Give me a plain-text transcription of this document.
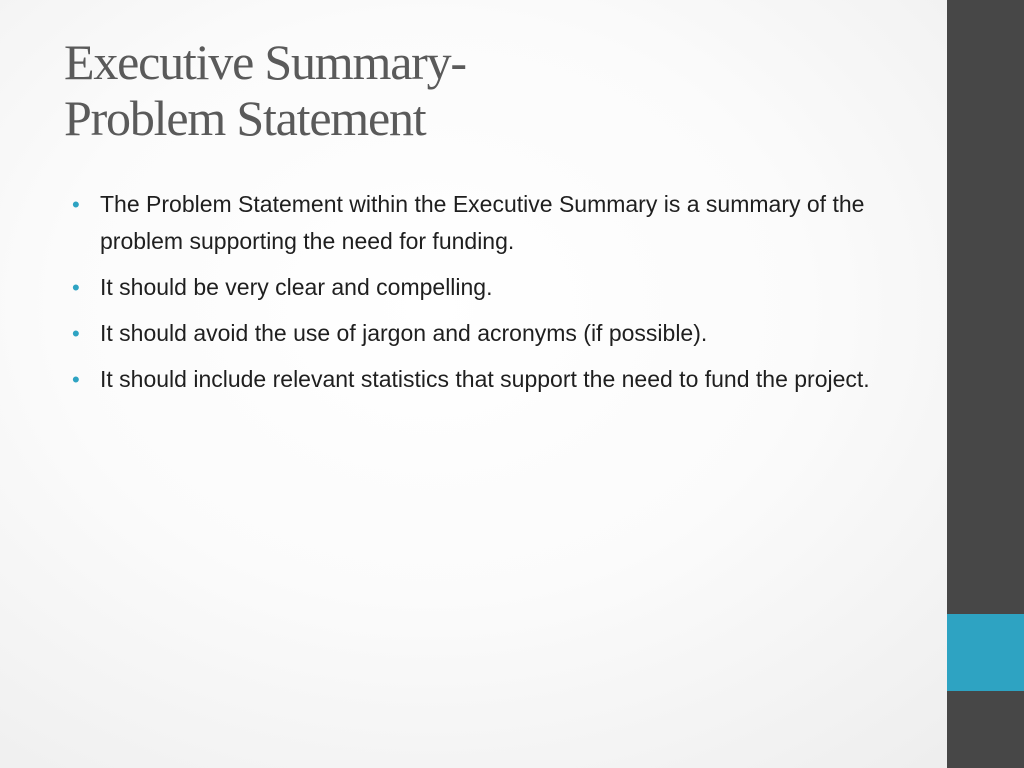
Executive Summary-
Problem Statement
• The Problem Statement within the Executive Summary is a summary of the problem supporting the need for funding.
• It should be very clear and compelling.
• It should avoid the use of jargon and acronyms (if possible).
• It should include relevant statistics that support the need to fund the project.
